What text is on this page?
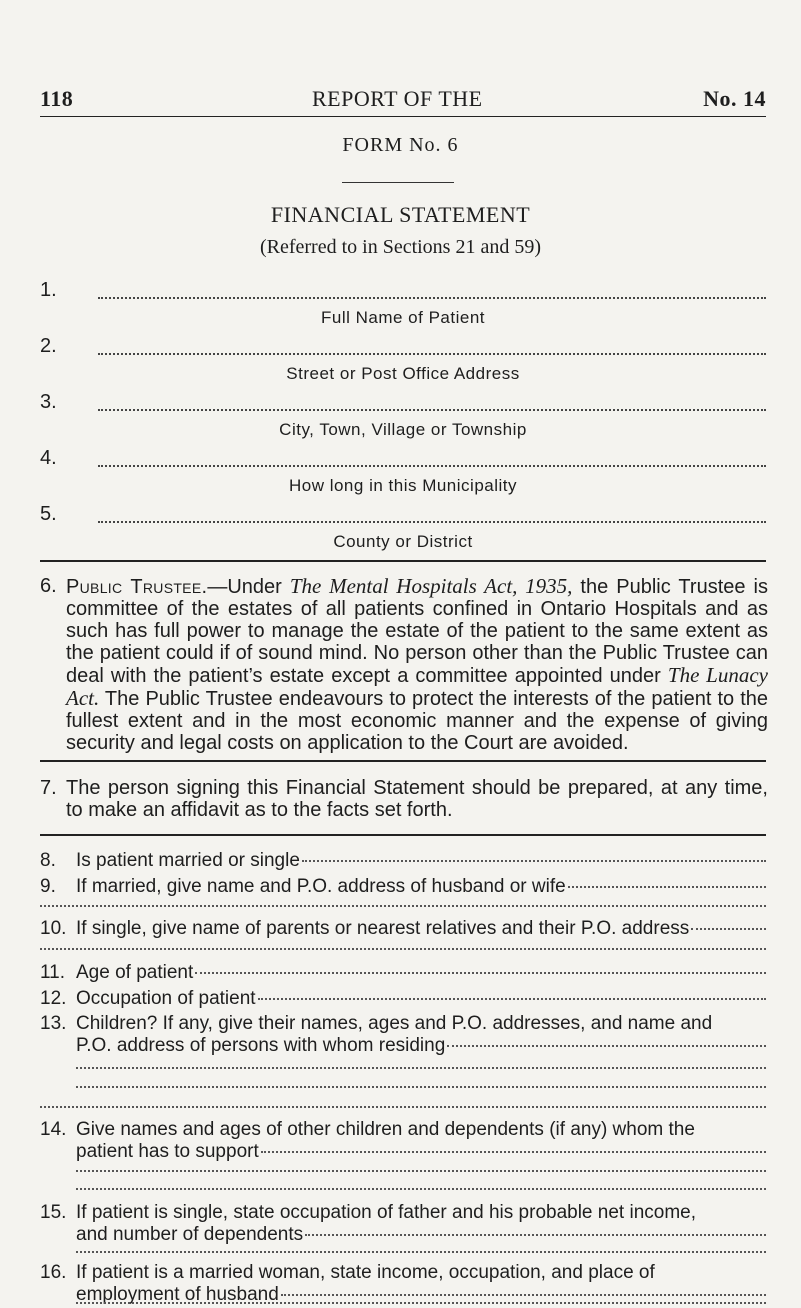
118	REPORT OF THE	No. 14
FORM No. 6
FINANCIAL STATEMENT
(Referred to in Sections 21 and 59)
1.
Full Name of Patient
2.
Street or Post Office Address
3.
City, Town, Village or Township
4.
How long in this Municipality
5.
County or District
6. Public Trustee.—Under The Mental Hospitals Act, 1935, the Public Trustee is committee of the estates of all patients confined in Ontario Hospitals and as such has full power to manage the estate of the patient to the same extent as the patient could if of sound mind. No person other than the Public Trustee can deal with the patient’s estate except a committee appointed under The Lunacy Act. The Public Trustee endeavours to protect the interests of the patient to the fullest extent and in the most economic manner and the expense of giving security and legal costs on application to the Court are avoided.
7. The person signing this Financial Statement should be prepared, at any time, to make an affidavit as to the facts set forth.
8. Is patient married or single
9. If married, give name and P.O. address of husband or wife
10. If single, give name of parents or nearest relatives and their P.O. address
11. Age of patient
12. Occupation of patient
13. Children? If any, give their names, ages and P.O. addresses, and name and
P.O. address of persons with whom residing
14. Give names and ages of other children and dependents (if any) whom the
patient has to support
15. If patient is single, state occupation of father and his probable net income,
and number of dependents
16. If patient is a married woman, state income, occupation, and place of
employment of husband
